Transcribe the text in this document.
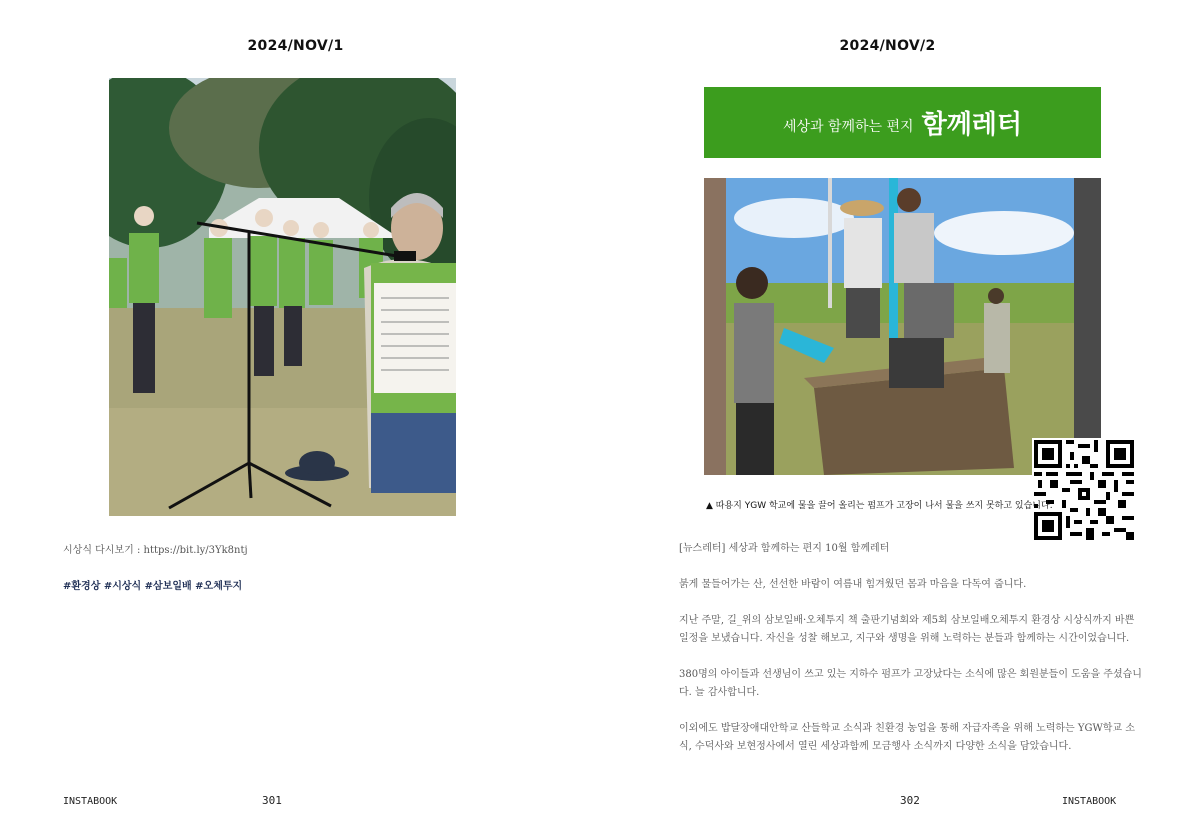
2024/NOV/1
시상식 다시보기 : https://bit.ly/3Yk8ntj
#환경상 #시상식 #삼보일배 #오체투지
INSTABOOK	301
2024/NOV/2
세상과 함께하는 편지 함께레터
▲ 따용지 YGW 학교에 물을 끌어 올리는 펌프가 고장이 나서 물을 쓰지 못하고 있습니다.

[뉴스레터] 세상과 함께하는 편지 10월 함께레터

붉게 물들어가는 산, 선선한 바람이 여름내 힘겨웠던 몸과 마음을 다독여 줍니다.

지난 주말, 길_위의 삼보일배·오체투지 책 출판기념회와 제5회 삼보일배오체투지 환경상 시상식까지 바쁜 일정을 보냈습니다. 자신을 성찰 해보고, 지구와 생명을 위해 노력하는 분들과 함께하는 시간이었습니다.

380명의 아이들과 선생님이 쓰고 있는 지하수 펌프가 고장났다는 소식에 많은 회원분들이 도움을 주셨습니다. 늘 감사합니다.

이외에도 밥달장애대안학교 산들학교 소식과 친환경 농업을 통해 자급자족을 위해 노력하는 YGW학교 소식, 수덕사와 보현정사에서 열린 세상과함께 모금행사 소식까지 다양한 소식을 담았습니다.

302	INSTABOOK
